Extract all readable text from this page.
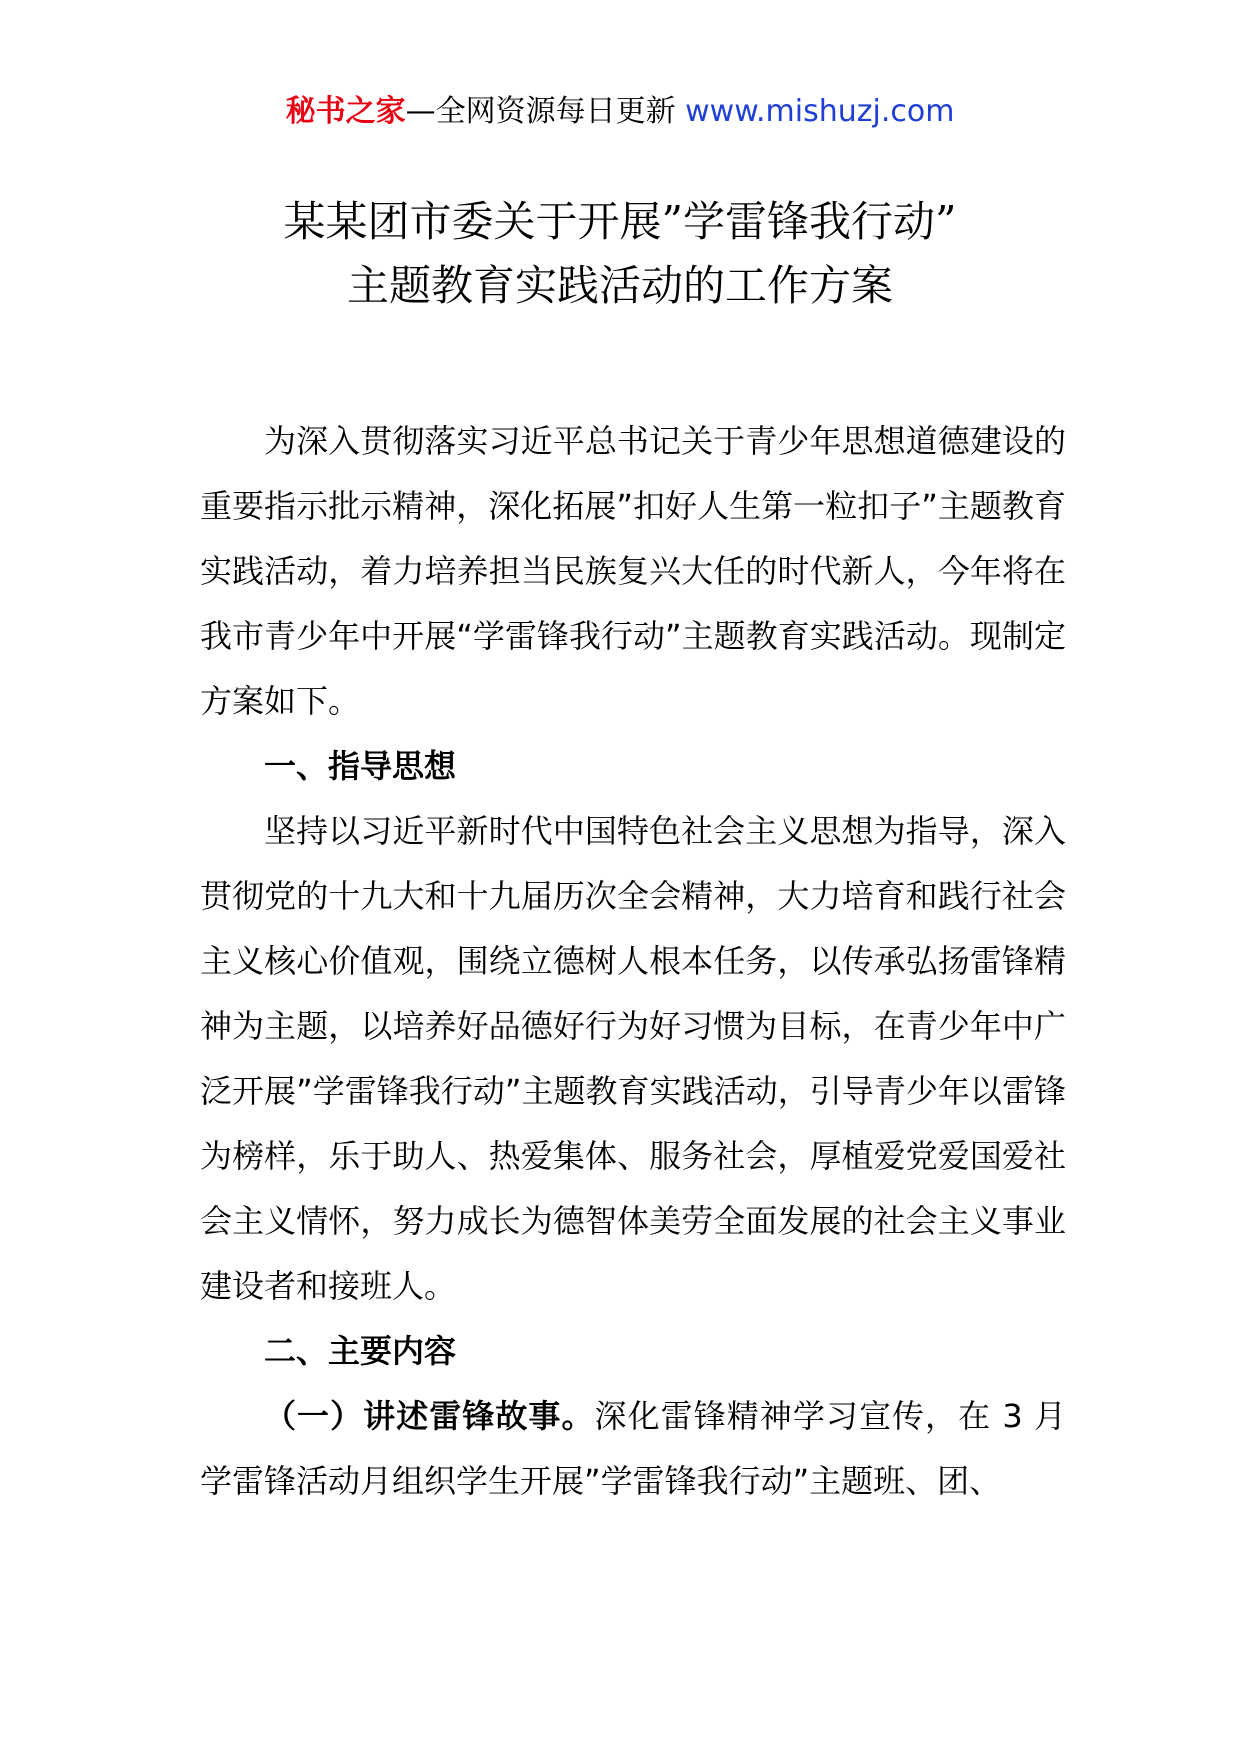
秘书之家—全网资源每日更新 www.mishuzj.com
某某团市委关于开展”学雷锋我行动”
主题教育实践活动的工作方案

为深入贯彻落实习近平总书记关于青少年思想道德建设的重要指示批示精神，深化拓展”扣好人生第一粒扣子”主题教育实践活动，着力培养担当民族复兴大任的时代新人，今年将在我市青少年中开展“学雷锋我行动”主题教育实践活动。现制定方案如下。

一、指导思想

坚持以习近平新时代中国特色社会主义思想为指导，深入贯彻党的十九大和十九届历次全会精神，大力培育和践行社会主义核心价值观，围绕立德树人根本任务，以传承弘扬雷锋精神为主题，以培养好品德好行为好习惯为目标，在青少年中广泛开展”学雷锋我行动”主题教育实践活动，引导青少年以雷锋为榜样，乐于助人、热爱集体、服务社会，厚植爱党爱国爱社会主义情怀，努力成长为德智体美劳全面发展的社会主义事业建设者和接班人。

二、主要内容

（一）讲述雷锋故事。深化雷锋精神学习宣传，在 3 月学雷锋活动月组织学生开展”学雷锋我行动”主题班、团、
